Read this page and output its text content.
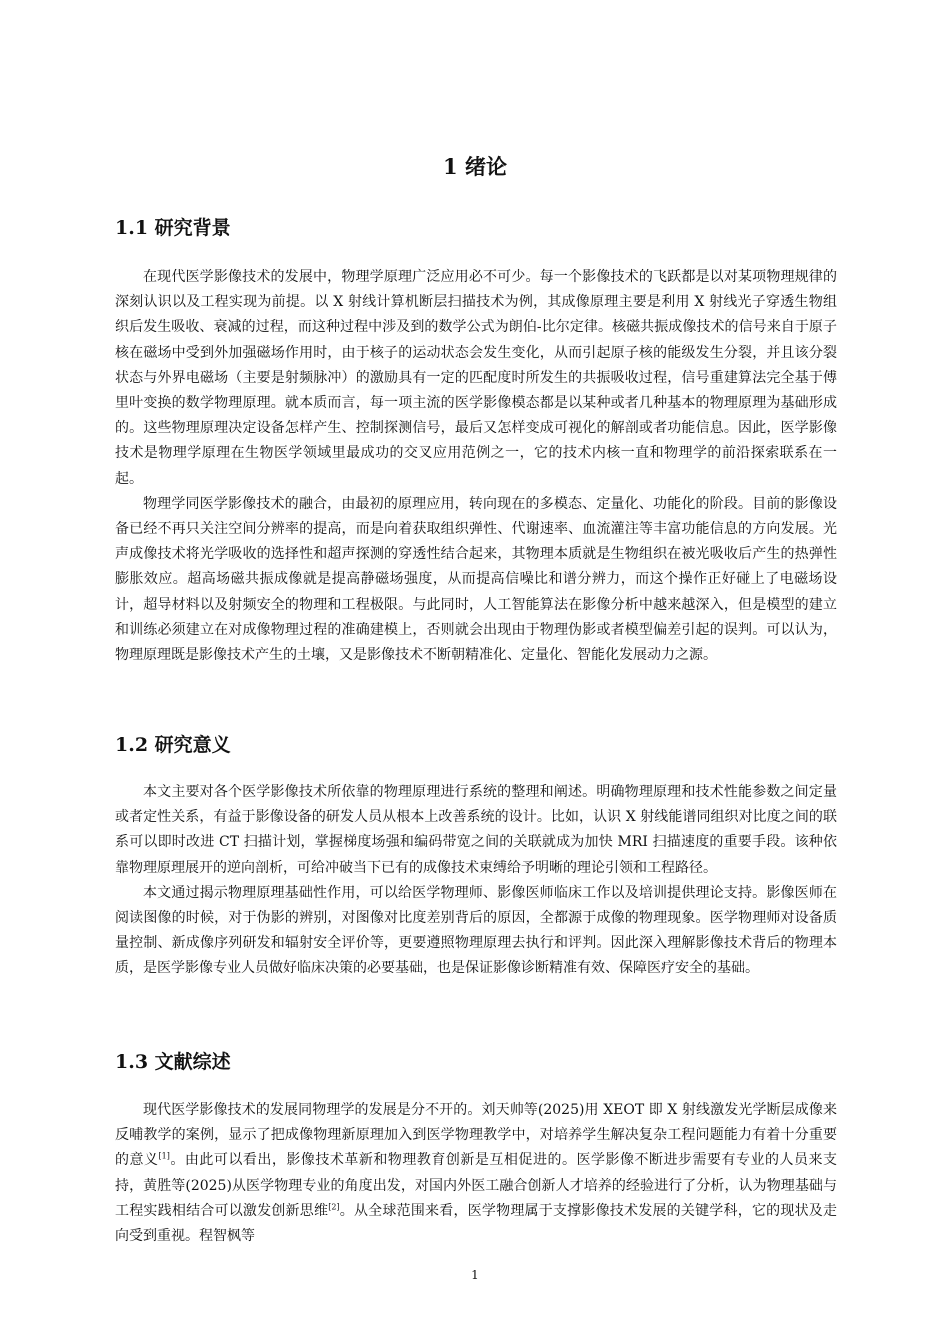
1 绪论
1.1 研究背景

在现代医学影像技术的发展中，物理学原理广泛应用必不可少。每一个影像技术的飞跃都是以对某项物理规律的深刻认识以及工程实现为前提。以 X 射线计算机断层扫描技术为例，其成像原理主要是利用 X 射线光子穿透生物组织后发生吸收、衰减的过程，而这种过程中涉及到的数学公式为朗伯-比尔定律。核磁共振成像技术的信号来自于原子核在磁场中受到外加强磁场作用时，由于核子的运动状态会发生变化，从而引起原子核的能级发生分裂，并且该分裂状态与外界电磁场（主要是射频脉冲）的激励具有一定的匹配度时所发生的共振吸收过程，信号重建算法完全基于傅里叶变换的数学物理原理。就本质而言，每一项主流的医学影像模态都是以某种或者几种基本的物理原理为基础形成的。这些物理原理决定设备怎样产生、控制探测信号，最后又怎样变成可视化的解剖或者功能信息。因此，医学影像技术是物理学原理在生物医学领域里最成功的交叉应用范例之一，它的技术内核一直和物理学的前沿探索联系在一起。

物理学同医学影像技术的融合，由最初的原理应用，转向现在的多模态、定量化、功能化的阶段。目前的影像设备已经不再只关注空间分辨率的提高，而是向着获取组织弹性、代谢速率、血流灌注等丰富功能信息的方向发展。光声成像技术将光学吸收的选择性和超声探测的穿透性结合起来，其物理本质就是生物组织在被光吸收后产生的热弹性膨胀效应。超高场磁共振成像就是提高静磁场强度，从而提高信噪比和谱分辨力，而这个操作正好碰上了电磁场设计，超导材料以及射频安全的物理和工程极限。与此同时，人工智能算法在影像分析中越来越深入，但是模型的建立和训练必须建立在对成像物理过程的准确建模上，否则就会出现由于物理伪影或者模型偏差引起的误判。可以认为，物理原理既是影像技术产生的土壤，又是影像技术不断朝精准化、定量化、智能化发展动力之源。

1.2 研究意义

本文主要对各个医学影像技术所依靠的物理原理进行系统的整理和阐述。明确物理原理和技术性能参数之间定量或者定性关系，有益于影像设备的研发人员从根本上改善系统的设计。比如，认识 X 射线能谱同组织对比度之间的联系可以即时改进 CT 扫描计划，掌握梯度场强和编码带宽之间的关联就成为加快 MRI 扫描速度的重要手段。该种依靠物理原理展开的逆向剖析，可给冲破当下已有的成像技术束缚给予明晰的理论引领和工程路径。

本文通过揭示物理原理基础性作用，可以给医学物理师、影像医师临床工作以及培训提供理论支持。影像医师在阅读图像的时候，对于伪影的辨别，对图像对比度差别背后的原因，全都源于成像的物理现象。医学物理师对设备质量控制、新成像序列研发和辐射安全评价等，更要遵照物理原理去执行和评判。因此深入理解影像技术背后的物理本质，是医学影像专业人员做好临床决策的必要基础，也是保证影像诊断精准有效、保障医疗安全的基础。

1.3 文献综述

现代医学影像技术的发展同物理学的发展是分不开的。刘天帅等(2025)用 XEOT 即 X 射线激发光学断层成像来反哺教学的案例，显示了把成像物理新原理加入到医学物理教学中，对培养学生解决复杂工程问题能力有着十分重要的意义[1]。由此可以看出，影像技术革新和物理教育创新是互相促进的。医学影像不断进步需要有专业的人员来支持，黄胜等(2025)从医学物理专业的角度出发，对国内外医工融合创新人才培养的经验进行了分析，认为物理基础与工程实践相结合可以激发创新思维[2]。从全球范围来看，医学物理属于支撑影像技术发展的关键学科，它的现状及走向受到重视。程智枫等

1
